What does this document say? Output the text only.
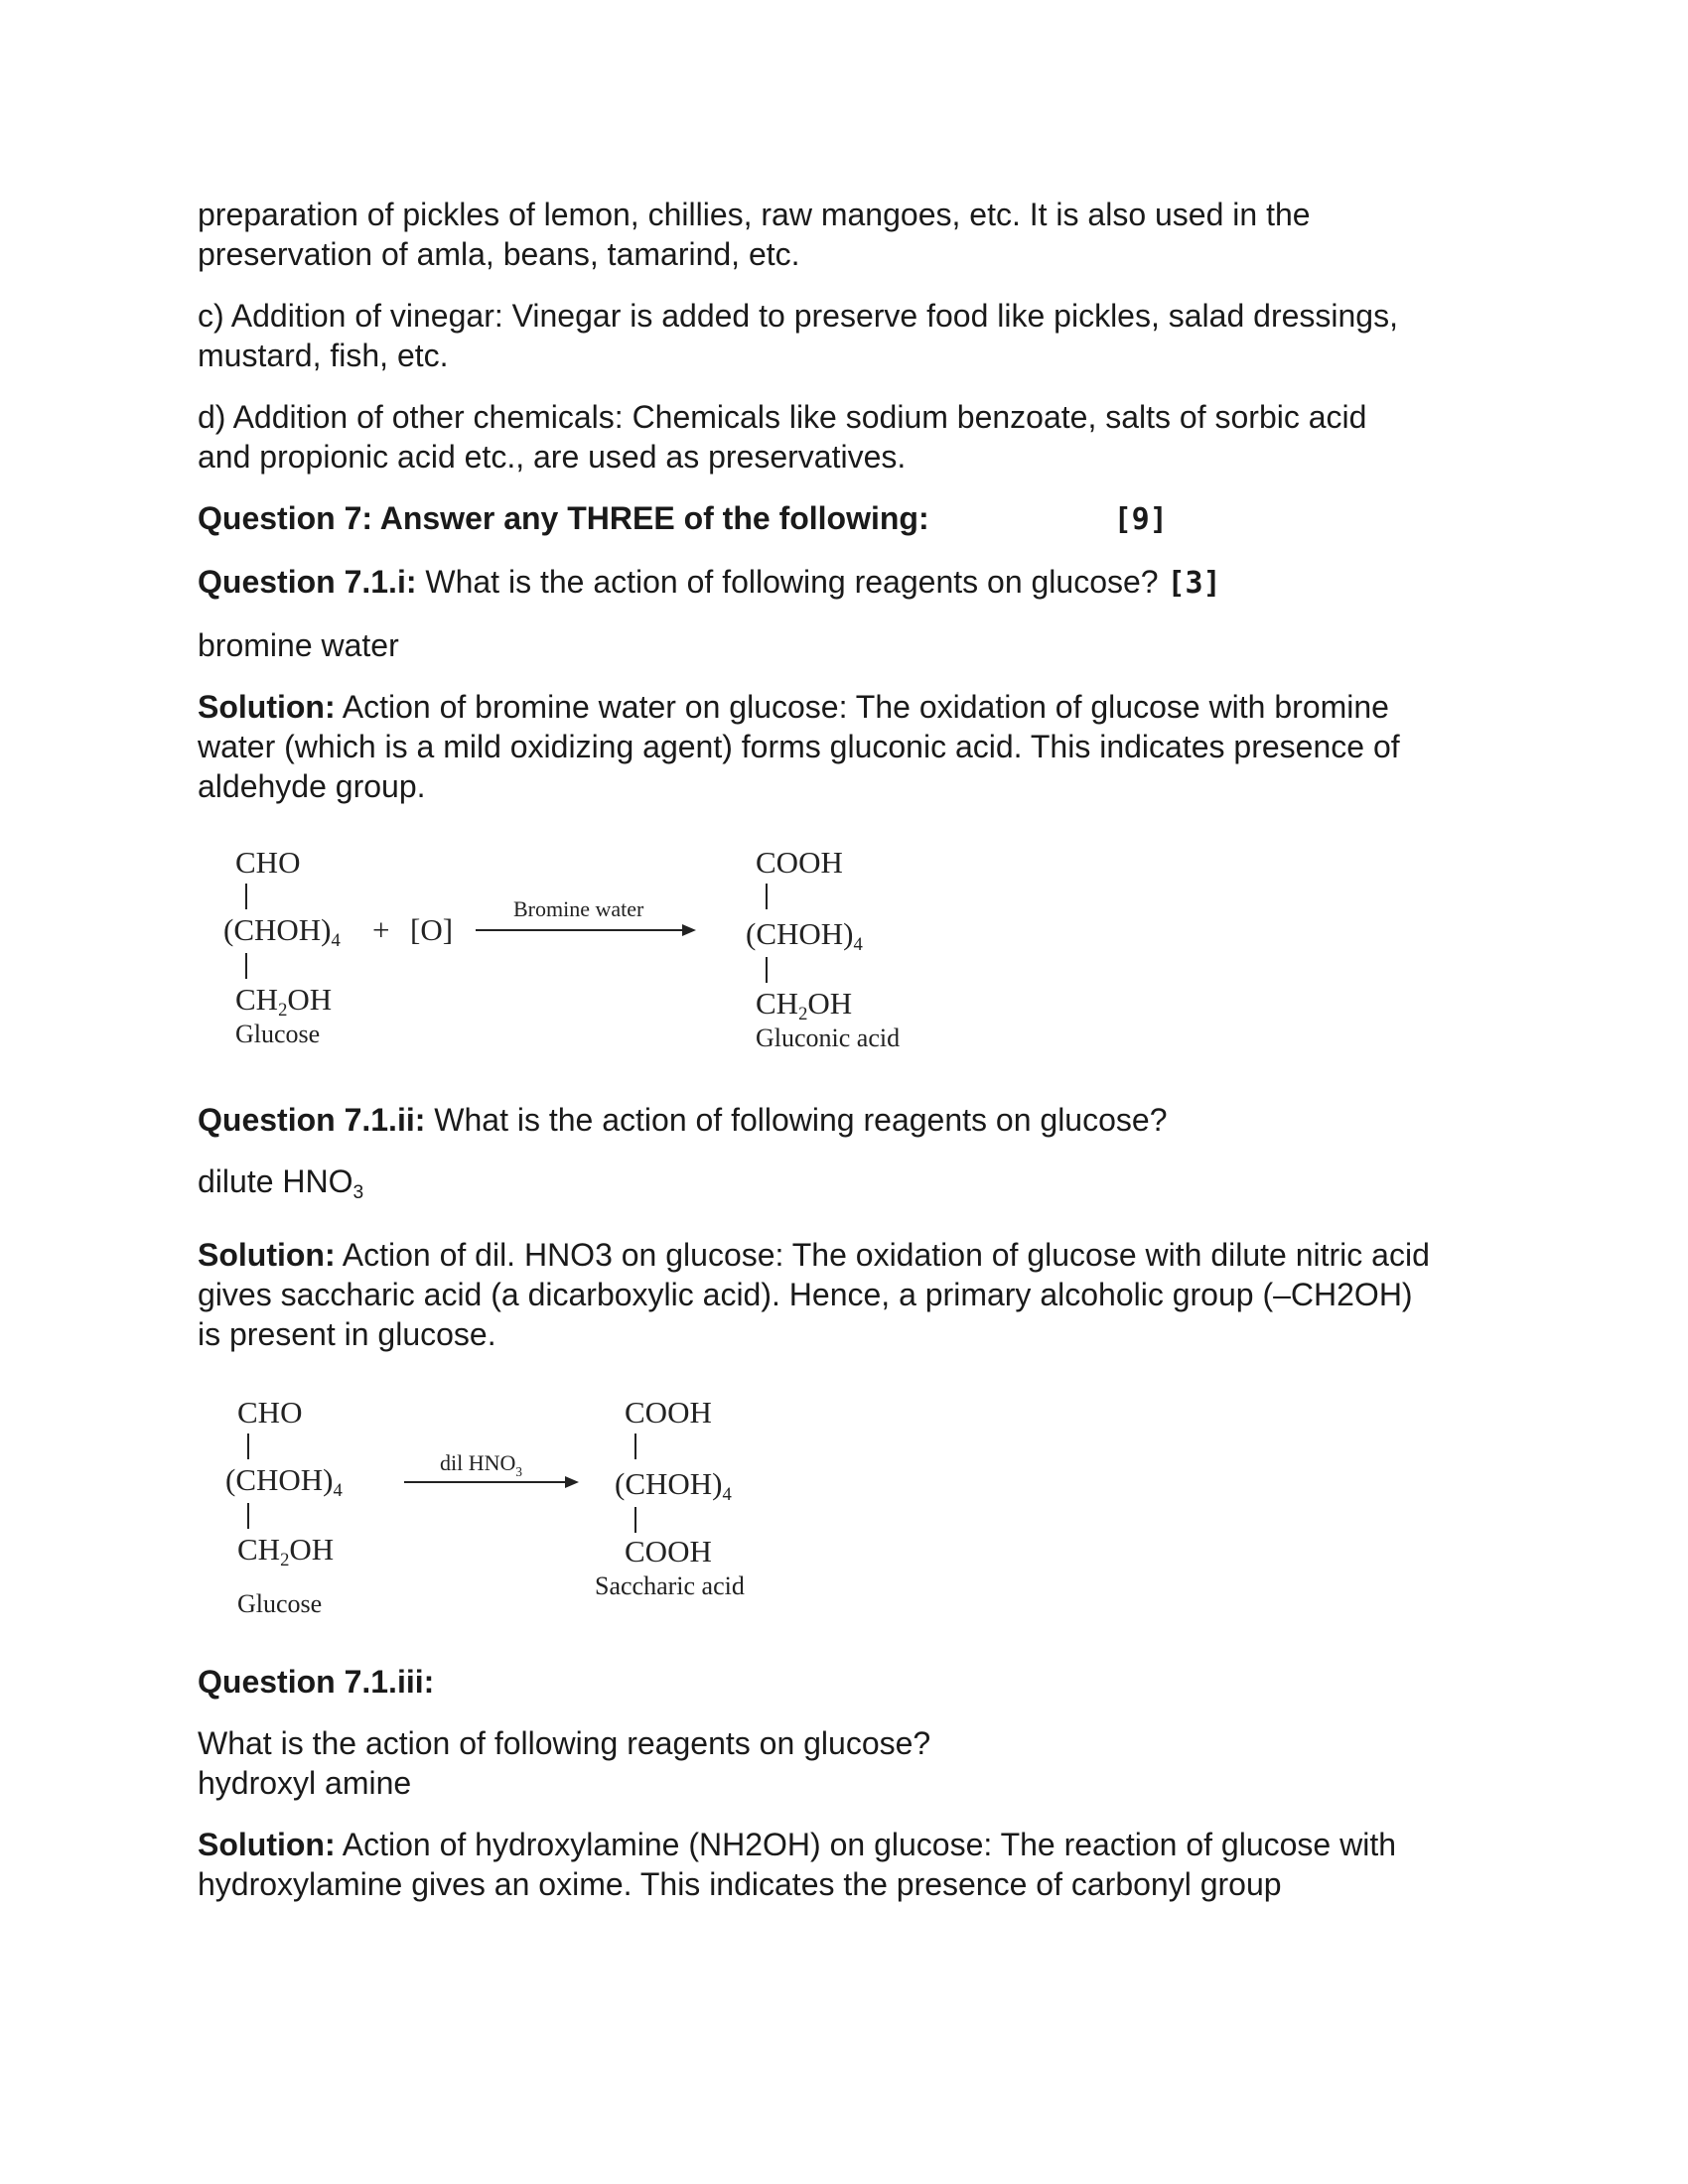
preparation of pickles of lemon, chillies, raw mangoes, etc. It is also used in the
preservation of amla, beans, tamarind, etc.

c) Addition of vinegar: Vinegar is added to preserve food like pickles, salad dressings,
mustard, fish, etc.

d) Addition of other chemicals: Chemicals like sodium benzoate, salts of sorbic acid
and propionic acid etc., are used as preservatives.

Question 7: Answer any THREE of the following:	[9]

Question 7.1.i: What is the action of following reagents on glucose? [3]

bromine water

Solution: Action of bromine water on glucose: The oxidation of glucose with bromine
water (which is a mild oxidizing agent) forms gluconic acid. This indicates presence of
aldehyde group.

CHO
$(CHOH)_4 + [O]$
$CH_2OH$
Glucose
Bromine water
COOH
$(CHOH)_4$
$CH_2OH$
Gluconic acid

Question 7.1.ii: What is the action of following reagents on glucose?

dilute $HNO_3$

Solution: Action of dil. HNO3 on glucose: The oxidation of glucose with dilute nitric acid
gives saccharic acid (a dicarboxylic acid). Hence, a primary alcoholic group (–CH2OH)
is present in glucose.

CHO
$(CHOH)_4$
$CH_2OH$
Glucose
dil $HNO_3$
COOH
$(CHOH)_4$
COOH
Saccharic acid

Question 7.1.iii:

What is the action of following reagents on glucose?
hydroxyl amine

Solution: Action of hydroxylamine (NH2OH) on glucose: The reaction of glucose with
hydroxylamine gives an oxime. This indicates the presence of carbonyl group
